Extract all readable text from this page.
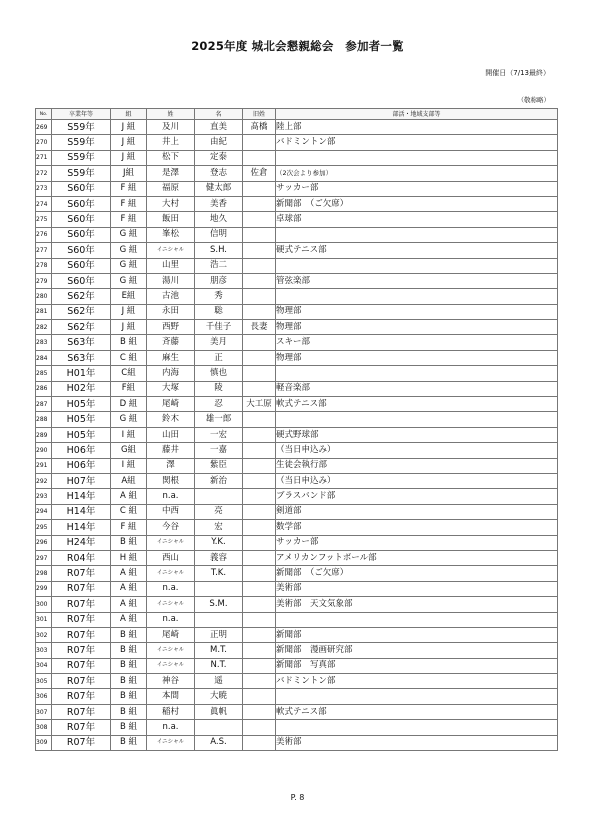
2025年度 城北会懇親総会　参加者一覧
開催日（7/13最終）
（敬称略）
No.	卒業年等	組	姓	名	旧姓	部活・地域支部等
269	S59年	J 組	及川	直美	髙橋	陸上部
270	S59年	J 組	井上	由紀		バドミントン部
271	S59年	J 組	松下	定泰		
272	S59年	J組	是澤	登志	佐倉	（2次会より参加）
273	S60年	F 組	福原	健太郎		サッカー部
274	S60年	F 組	大村	美香		新聞部　（ご欠席）
275	S60年	F 組	飯田	地久		卓球部
276	S60年	G 組	峯松	信明		
277	S60年	G 組	イニシャル	S.H.		硬式テニス部
278	S60年	G 組	山里	浩二		
279	S60年	G 組	湯川	朋彦		管弦楽部
280	S62年	E組	古池	秀		
281	S62年	J 組	永田	聡		物理部
282	S62年	J 組	西野	千佳子	長妻	物理部
283	S63年	B 組	斉藤	美月		スキー部
284	S63年	C 組	麻生	正		物理部
285	H01年	C組	内海	慎也		
286	H02年	F組	大塚	陵		軽音楽部
287	H05年	D 組	尾崎	忍	大工原	軟式テニス部
288	H05年	G 組	鈴木	雄一郎		
289	H05年	I 組	山田	一宏		硬式野球部
290	H06年	G組	藤井	一嘉		（当日申込み）
291	H06年	I 組	澤	紫臣		生徒会執行部
292	H07年	A組	関根	新治		（当日申込み）
293	H14年	A 組	n.a.			ブラスバンド部
294	H14年	C 組	中西	亮		剣道部
295	H14年	F 組	今谷	宏		数学部
296	H24年	B 組	イニシャル	Y.K.		サッカー部
297	R04年	H 組	西山	義容		アメリカンフットボール部
298	R07年	A 組	イニシャル	T.K.		新聞部　（ご欠席）
299	R07年	A 組	n.a.			美術部
300	R07年	A 組	イニシャル	S.M.		美術部　天文気象部
301	R07年	A 組	n.a.			
302	R07年	B 組	尾崎	正明		新聞部
303	R07年	B 組	イニシャル	M.T.		新聞部　漫画研究部
304	R07年	B 組	イニシャル	N.T.		新聞部　写真部
305	R07年	B 組	神谷	遥		バドミントン部
306	R07年	B 組	本間	大暁		
307	R07年	B 組	稲村	眞帆		軟式テニス部
308	R07年	B 組	n.a.			
309	R07年	B 組	イニシャル	A.S.		美術部
P. 8
